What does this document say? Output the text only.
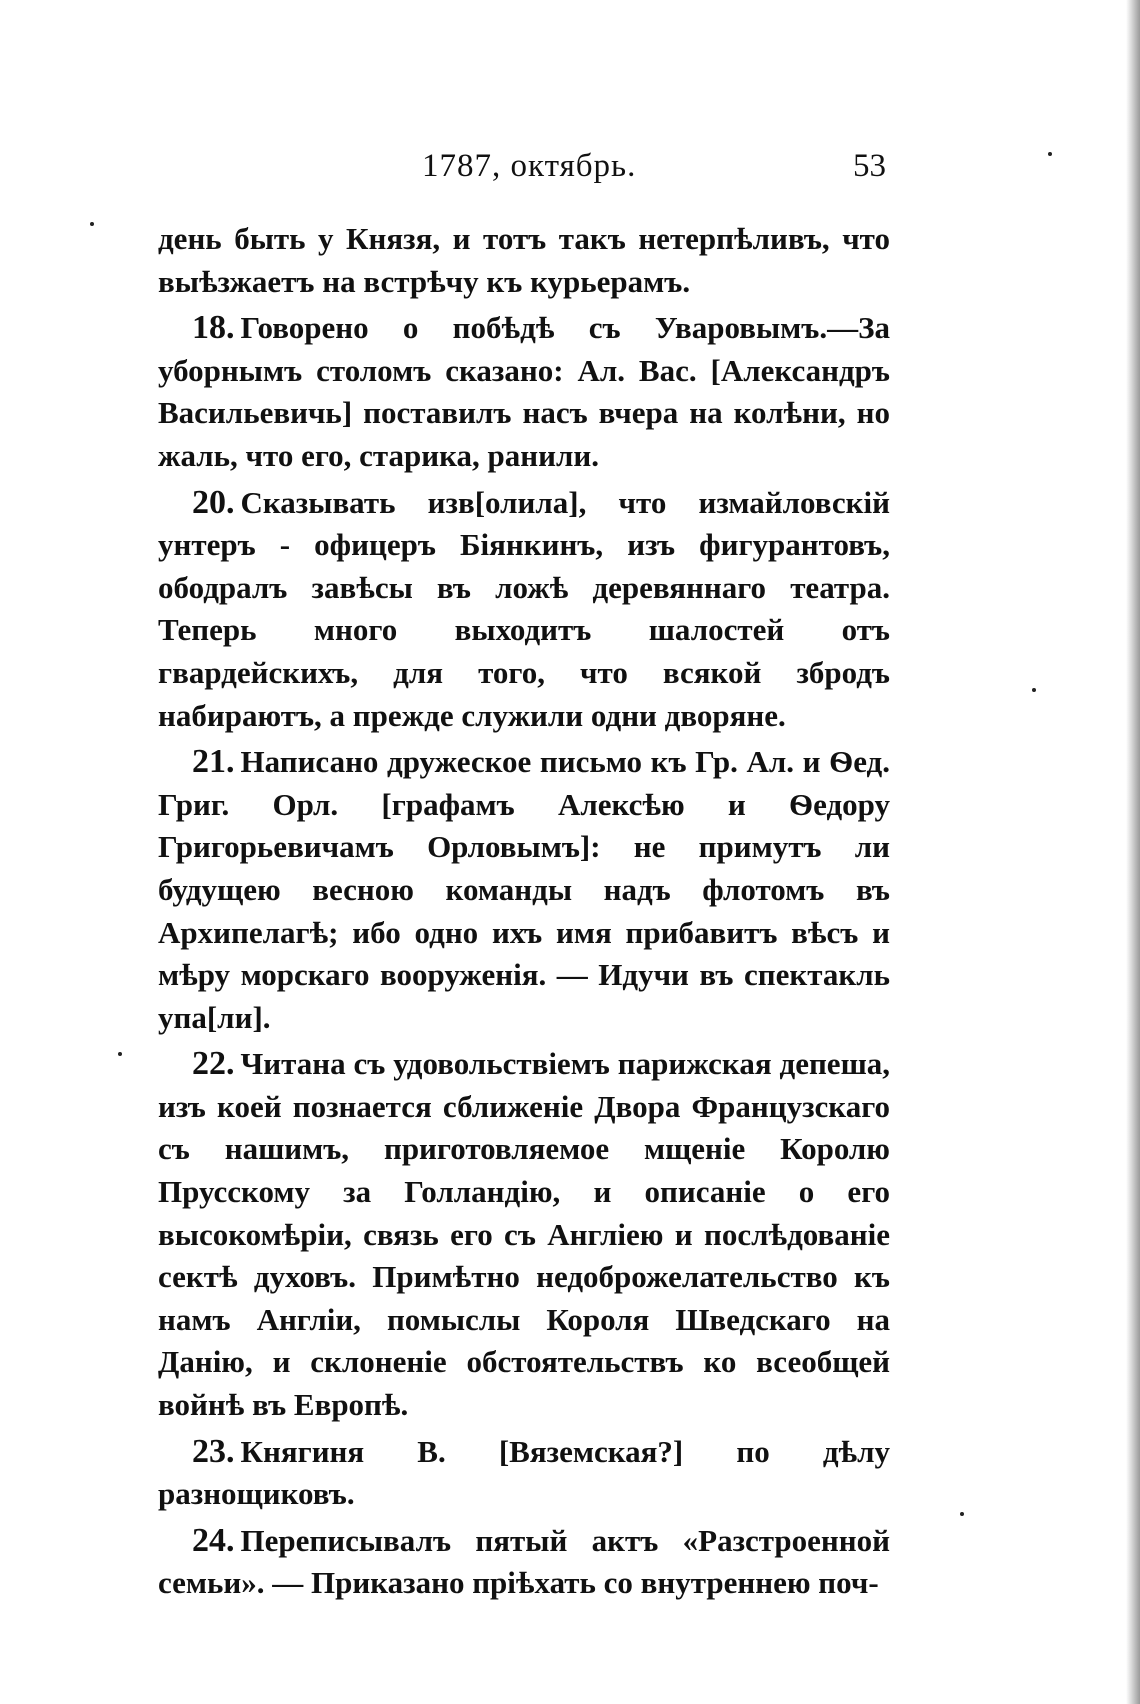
1787, октябрь.	53

день быть у Князя, и тотъ такъ нетерпѣливъ, что выѣзжаетъ на встрѣчу къ курьерамъ.

18. Говорено о побѣдѣ съ Уваровымъ.—За уборнымъ столомъ сказано: Ал. Вас. [Александръ Васильевичь] поставилъ насъ вчера на колѣни, но жаль, что его, старика, ранили.

20. Сказывать изв[олила], что измайловскій унтеръ - офицеръ Біянкинъ, изъ фигурантовъ, ободралъ завѣсы въ ложѣ деревяннаго театра. Теперь много выходитъ шалостей отъ гвардейскихъ, для того, что всякой збродъ набираютъ, а прежде служили одни дворяне.

21. Написано дружеское письмо къ Гр. Ал. и Ѳед. Григ. Орл. [графамъ Алексѣю и Ѳедору Григорьевичамъ Орловымъ]: не примутъ ли будущею весною команды надъ флотомъ въ Архипелагѣ; ибо одно ихъ имя прибавитъ вѣсъ и мѣру морскаго вооруженія. — Идучи въ спектакль упа[ли].

22. Читана съ удовольствіемъ парижская депеша, изъ коей познается сближеніе Двора Французскаго съ нашимъ, приготовляемое мщеніе Королю Прусскому за Голландію, и описаніе о его высокомѣріи, связь его съ Англіею и послѣдованіе сектѣ духовъ. Примѣтно недоброжелательство къ намъ Англіи, помыслы Короля Шведскаго на Данію, и склоненіе обстоятельствъ ко всеобщей войнѣ въ Европѣ.

23. Княгиня В. [Вяземская?] по дѣлу разнощиковъ.

24. Переписывалъ пятый актъ «Разстроенной семьи». — Приказано пріѣхать со внутреннею поч-
